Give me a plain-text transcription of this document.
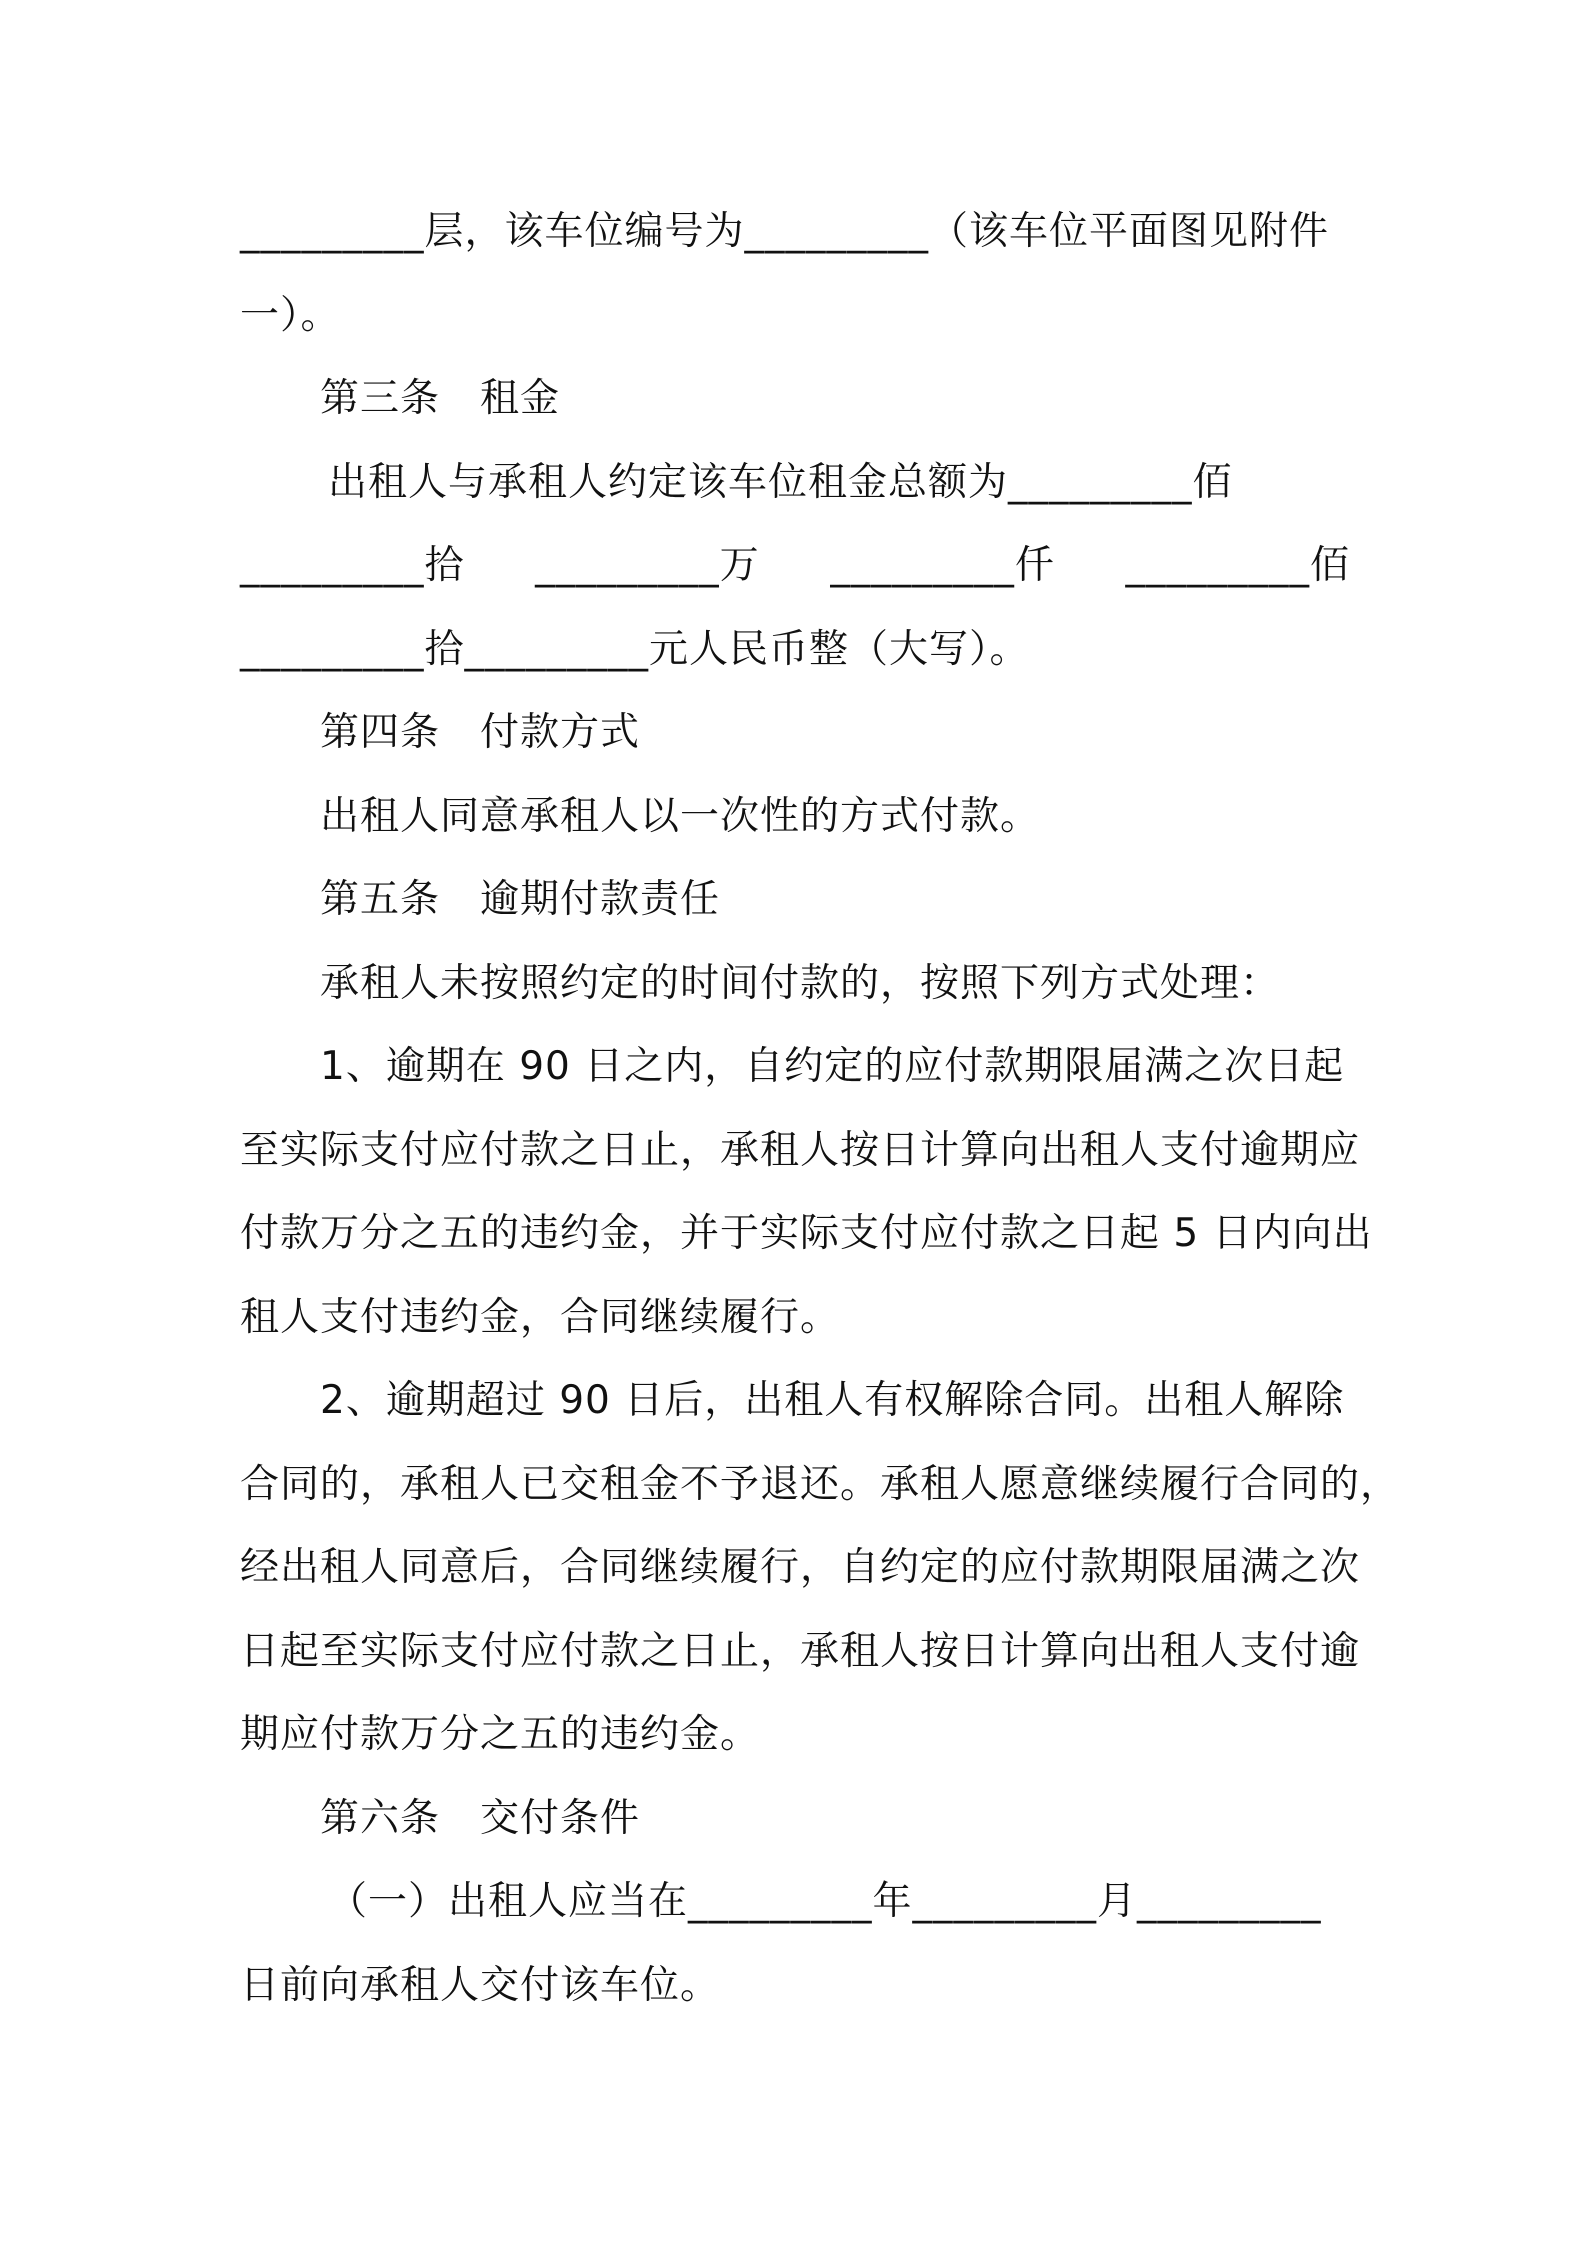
_________层，该车位编号为_________（该车位平面图见附件
一）。
第三条　租金
出租人与承租人约定该车位租金总额为_________佰
_________拾 _________万 _________仟 _________佰
_________拾_________元人民币整（大写）。
第四条　付款方式
出租人同意承租人以一次性的方式付款。
第五条　逾期付款责任
承租人未按照约定的时间付款的，按照下列方式处理：
1、逾期在 90 日之内，自约定的应付款期限届满之次日起
至实际支付应付款之日止，承租人按日计算向出租人支付逾期应
付款万分之五的违约金，并于实际支付应付款之日起 5 日内向出
租人支付违约金，合同继续履行。
2、逾期超过 90 日后，出租人有权解除合同。出租人解除
合同的，承租人已交租金不予退还。承租人愿意继续履行合同的，
经出租人同意后，合同继续履行，自约定的应付款期限届满之次
日起至实际支付应付款之日止，承租人按日计算向出租人支付逾
期应付款万分之五的违约金。
第六条　交付条件
（一）出租人应当在_________年_________月_________
日前向承租人交付该车位。
